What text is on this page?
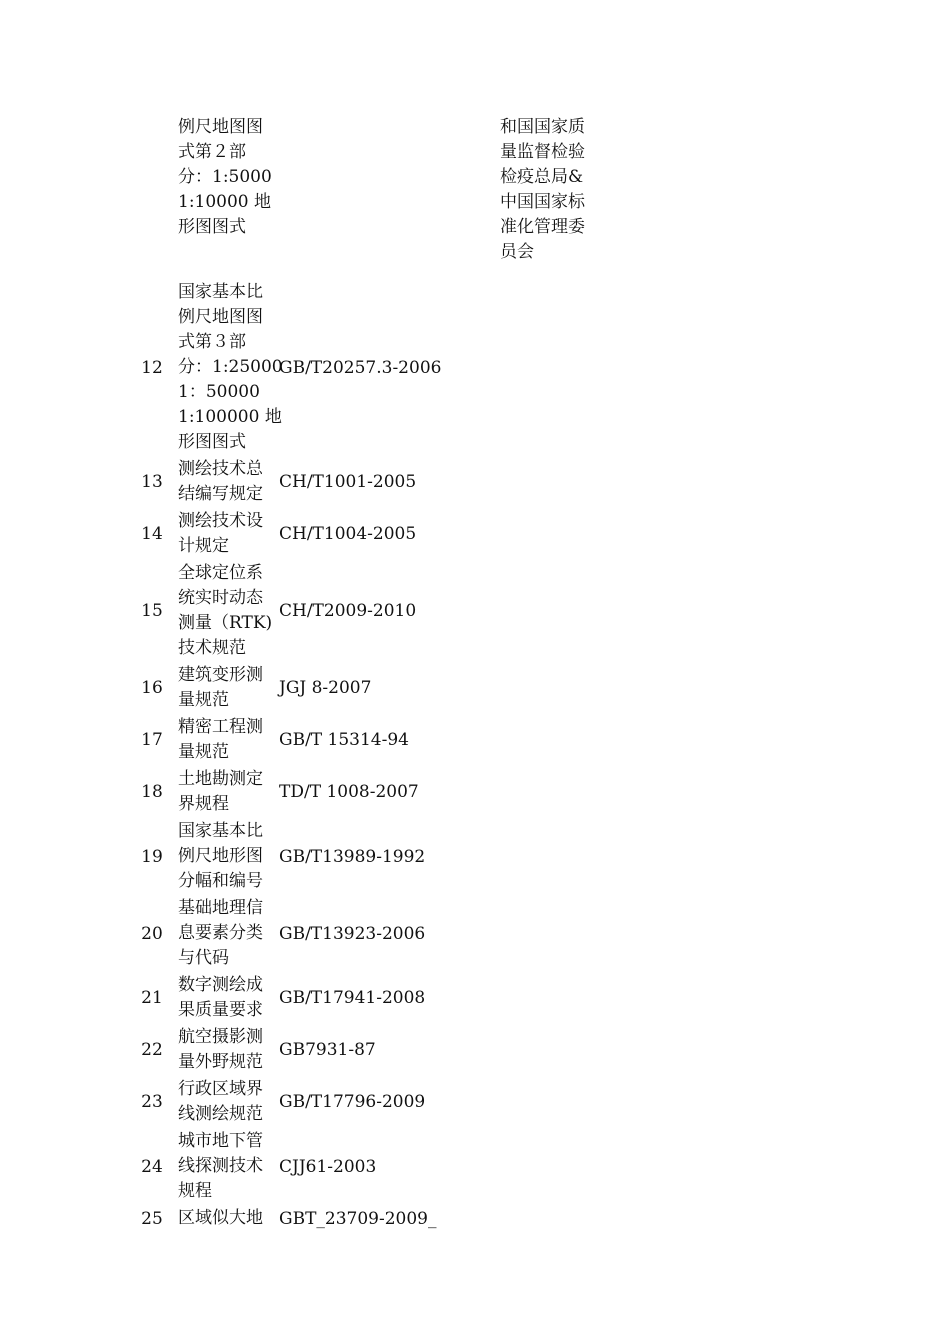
例尺地图图
式第２部
分：1:5000
1:10000 地
形图图式
和国国家质
量监督检验
检疫总局&
中国国家标
准化管理委
员会
12
国家基本比
例尺地图图
式第３部
分：1:25000
1：50000
1:100000 地
形图图式
GB/T20257.3-2006
13
测绘技术总
结编写规定
CH/T1001-2005
14
测绘技术设
计规定
CH/T1004-2005
15
全球定位系
统实时动态
测量（RTK)
技术规范
CH/T2009-2010
16
建筑变形测
量规范
JGJ 8-2007
17
精密工程测
量规范
GB/T 15314-94
18
土地勘测定
界规程
TD/T 1008-2007
19
国家基本比
例尺地形图
分幅和编号
GB/T13989-1992
20
基础地理信
息要素分类
与代码
GB/T13923-2006
21
数字测绘成
果质量要求
GB/T17941-2008
22
航空摄影测
量外野规范
GB7931-87
23
行政区域界
线测绘规范
GB/T17796-2009
24
城市地下管
线探测技术
规程
CJJ61-2003
25 区域似大地 GBT_23709-2009_
